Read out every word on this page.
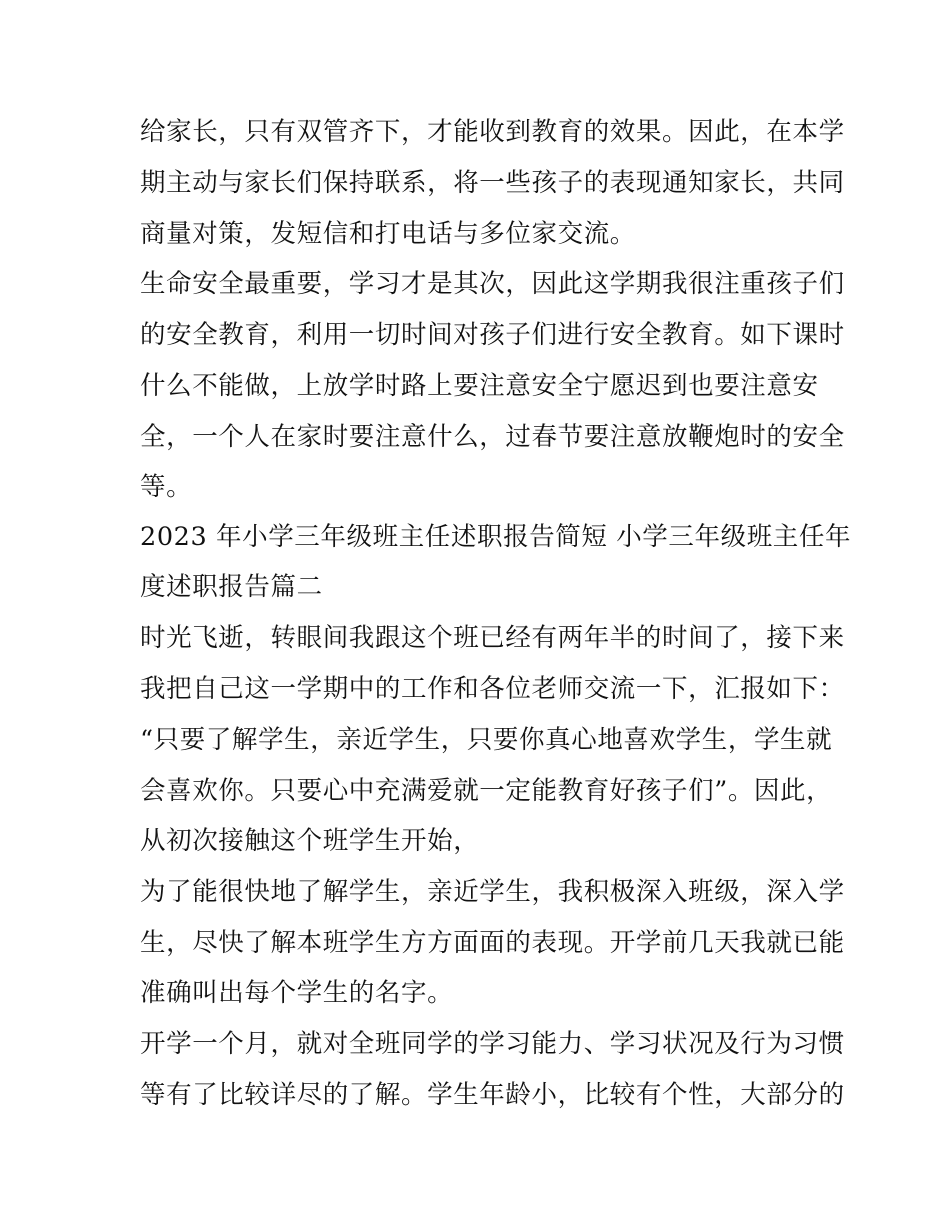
给家长，只有双管齐下，才能收到教育的效果。因此，在本学
期主动与家长们保持联系，将一些孩子的表现通知家长，共同
商量对策，发短信和打电话与多位家交流。
生命安全最重要，学习才是其次，因此这学期我很注重孩子们
的安全教育，利用一切时间对孩子们进行安全教育。如下课时
什么不能做，上放学时路上要注意安全宁愿迟到也要注意安
全，一个人在家时要注意什么，过春节要注意放鞭炮时的安全
等。
2023 年小学三年级班主任述职报告简短 小学三年级班主任年
度述职报告篇二
时光飞逝，转眼间我跟这个班已经有两年半的时间了，接下来
我把自己这一学期中的工作和各位老师交流一下，汇报如下：
“只要了解学生，亲近学生，只要你真心地喜欢学生，学生就
会喜欢你。只要心中充满爱就一定能教育好孩子们”。因此，
从初次接触这个班学生开始，
为了能很快地了解学生，亲近学生，我积极深入班级，深入学
生，尽快了解本班学生方方面面的表现。开学前几天我就已能
准确叫出每个学生的名字。
开学一个月，就对全班同学的学习能力、学习状况及行为习惯
等有了比较详尽的了解。学生年龄小，比较有个性，大部分的
